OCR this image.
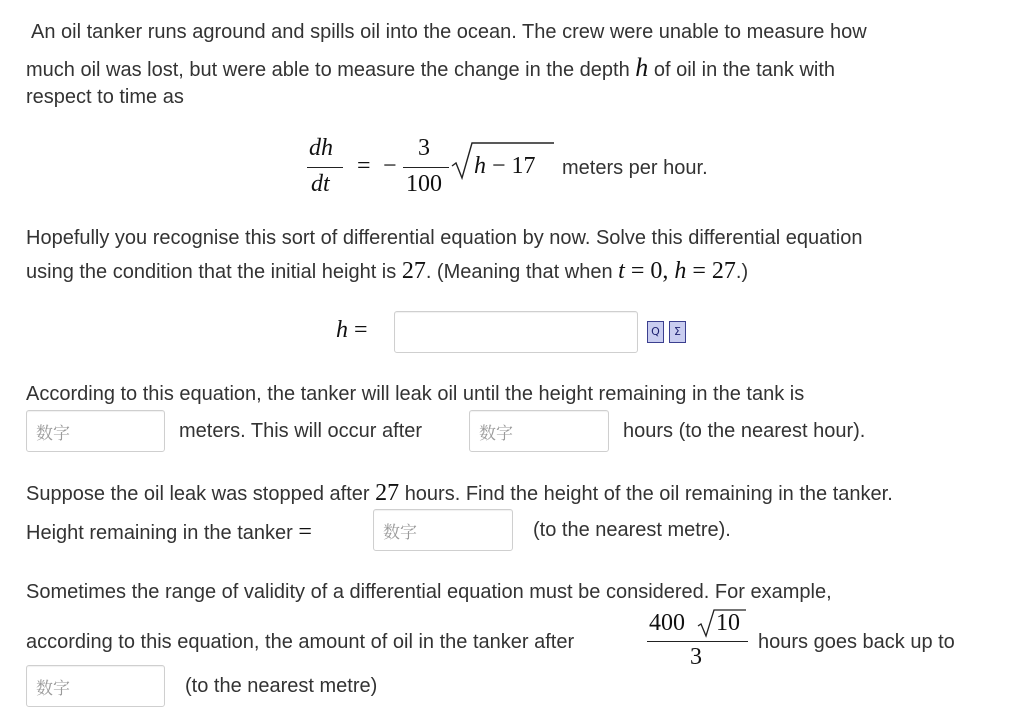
An oil tanker runs aground and spills oil into the ocean. The crew were unable to measure how
much oil was lost, but were able to measure the change in the depth h of oil in the tank with
respect to time as
dh
dt
= −
3
100
h − 17 meters per hour.
Hopefully you recognise this sort of differential equation by now. Solve this differential equation
using the condition that the initial height is 27. (Meaning that when t = 0, h = 27.)
h =	Q	Σ
According to this equation, the tanker will leak oil until the height remaining in the tank is
数字	meters. This will occur after	数字	hours (to the nearest hour).
Suppose the oil leak was stopped after 27 hours. Find the height of the oil remaining in the tanker.
Height remaining in the tanker =	数字	(to the nearest metre).
Sometimes the range of validity of a differential equation must be considered. For example,
according to this equation, the amount of oil in the tanker after
400 10
3
hours goes back up to
数字	(to the nearest metre)
